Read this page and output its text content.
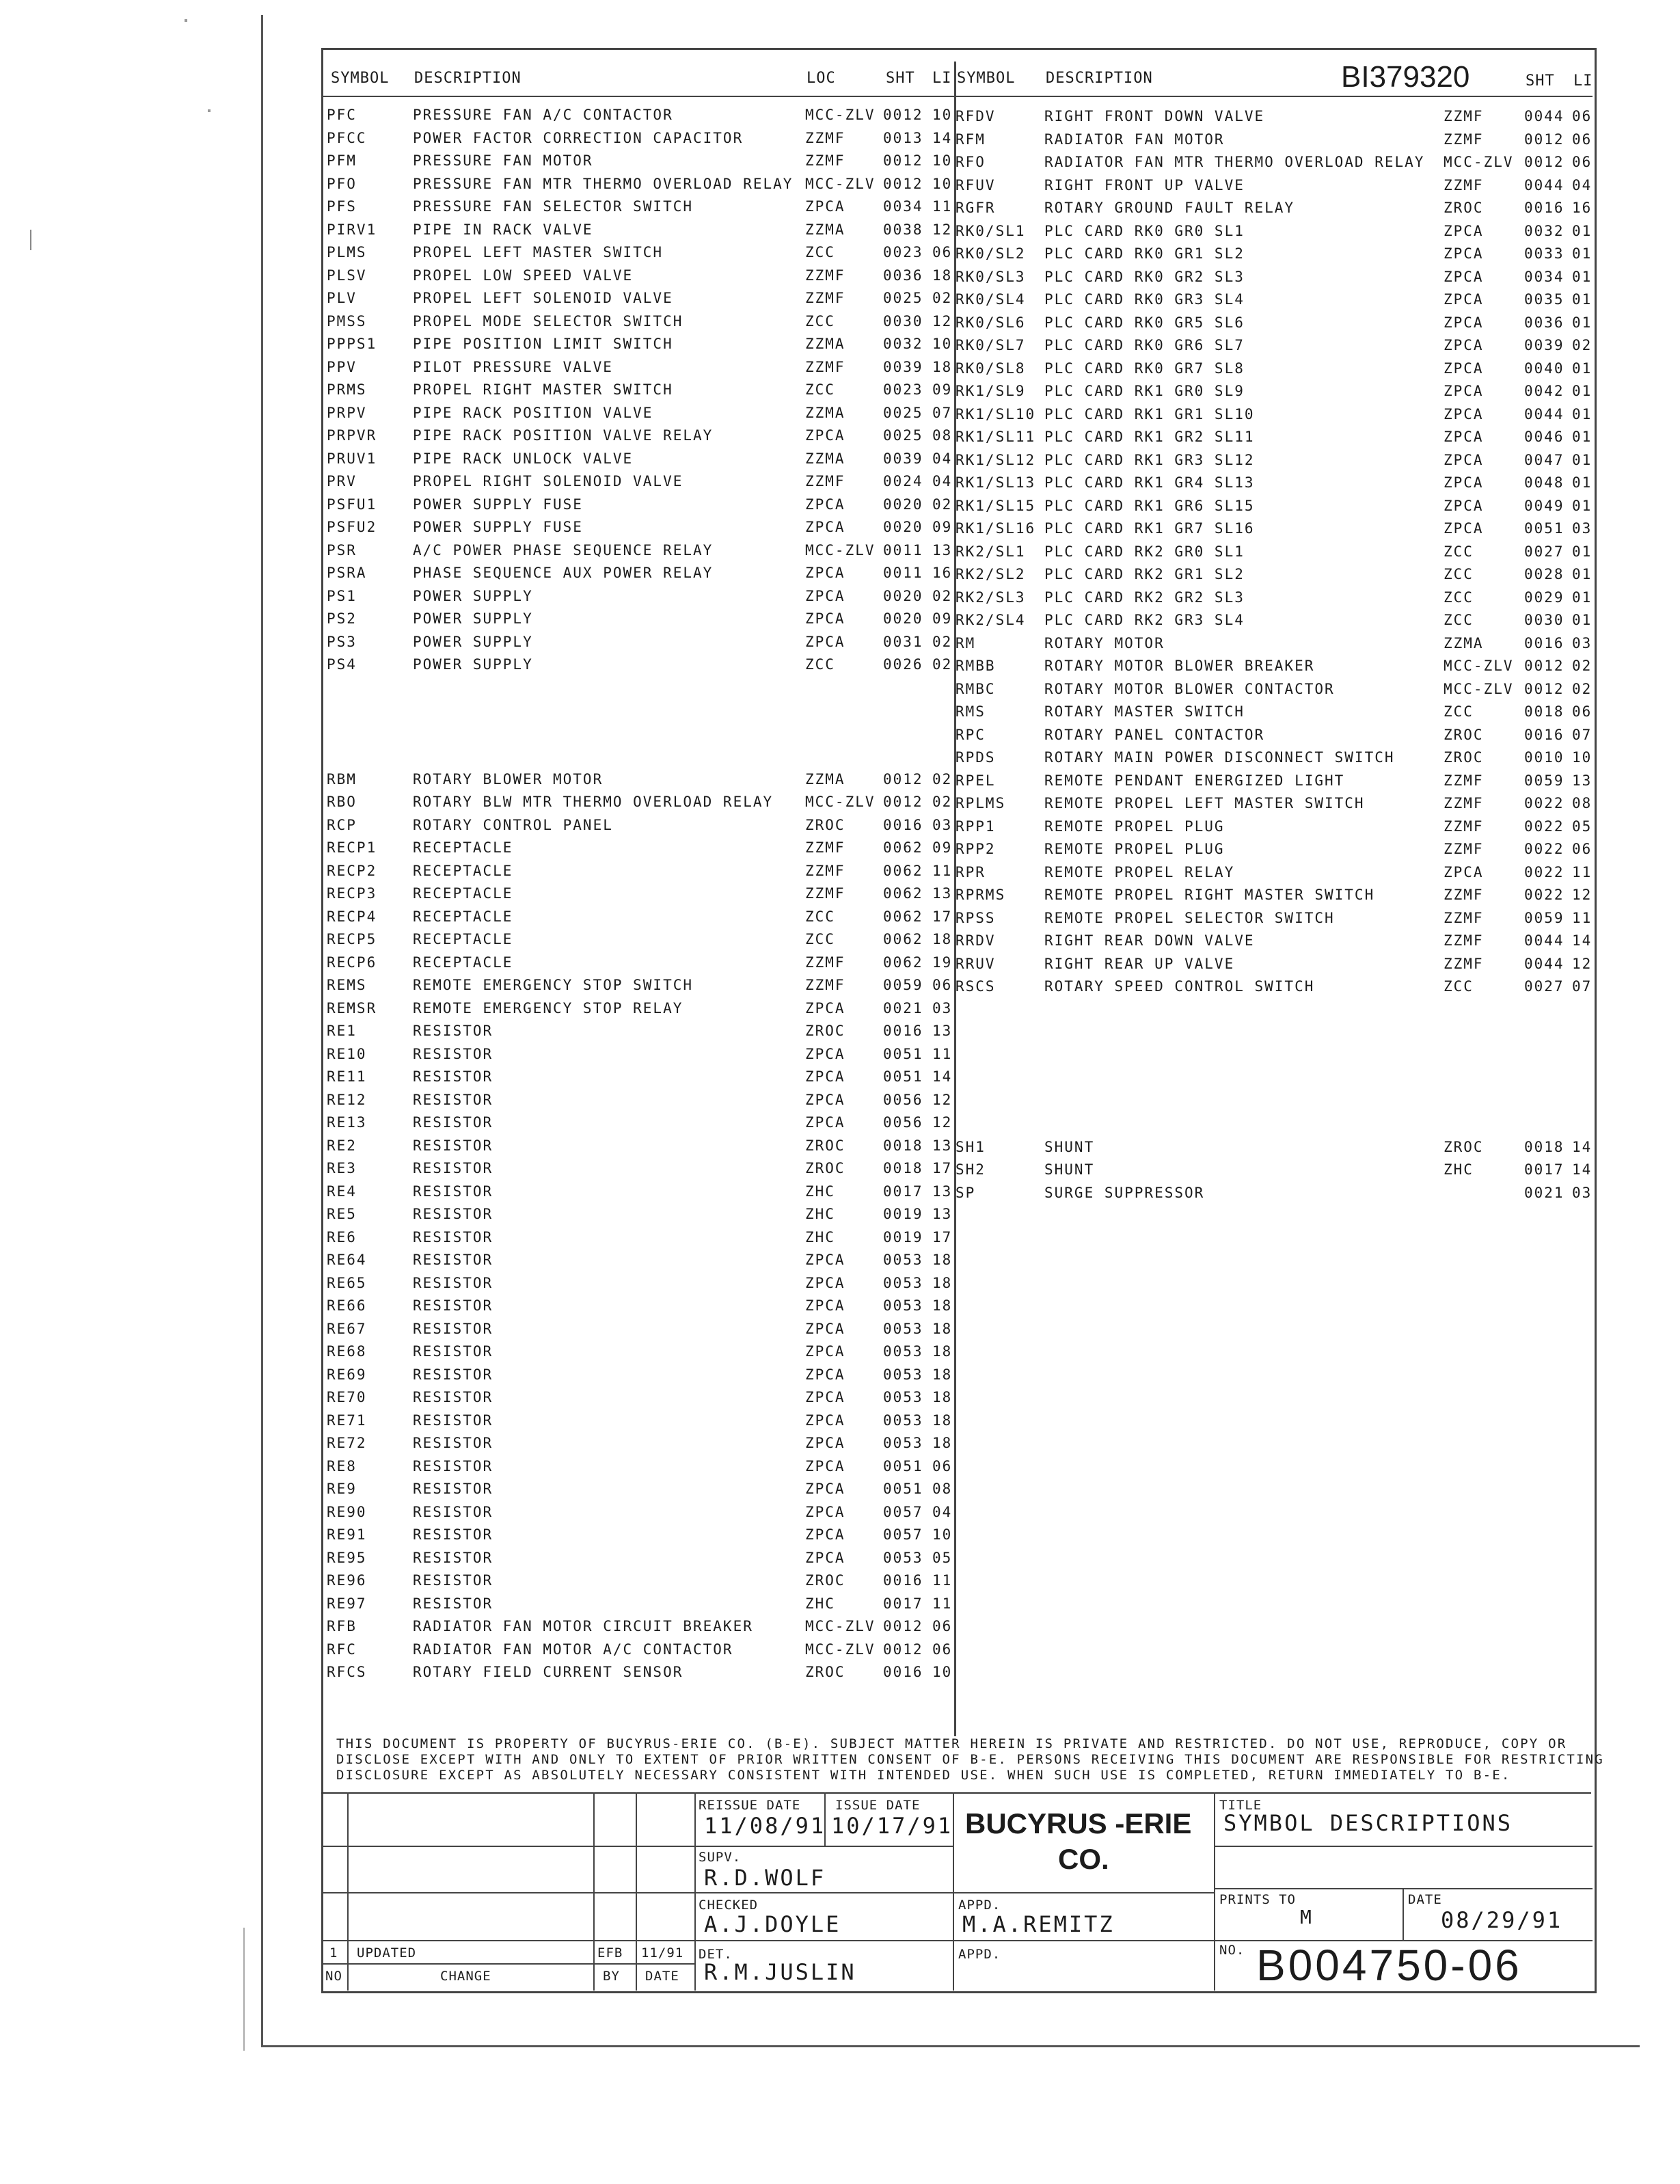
SYMBOL DESCRIPTION	LOC	SHT LI SYMBOL DESCRIPTION	SHT LI
BI379320
PFC	PRESSURE FAN A/C CONTACTOR	MCC-ZLV 0012 10
PFCC	POWER FACTOR CORRECTION CAPACITOR	ZZMF	0013 14
PFM	PRESSURE FAN MOTOR	ZZMF	0012 10
PFO	PRESSURE FAN MTR THERMO OVERLOAD RELAY MCC-ZLV 0012 10
PFS	PRESSURE FAN SELECTOR SWITCH	ZPCA	0034 11
PIRV1	PIPE IN RACK VALVE	ZZMA	0038 12
PLMS	PROPEL LEFT MASTER SWITCH	ZCC	0023 06
PLSV	PROPEL LOW SPEED VALVE	ZZMF	0036 18
PLV	PROPEL LEFT SOLENOID VALVE	ZZMF	0025 02
PMSS	PROPEL MODE SELECTOR SWITCH	ZCC	0030 12
PPPS1	PIPE POSITION LIMIT SWITCH	ZZMA	0032 10
PPV	PILOT PRESSURE VALVE	ZZMF	0039 18
PRMS	PROPEL RIGHT MASTER SWITCH	ZCC	0023 09
PRPV	PIPE RACK POSITION VALVE	ZZMA	0025 07
PRPVR	PIPE RACK POSITION VALVE RELAY	ZPCA	0025 08
PRUV1	PIPE RACK UNLOCK VALVE	ZZMA	0039 04
PRV	PROPEL RIGHT SOLENOID VALVE	ZZMF	0024 04
PSFU1	POWER SUPPLY FUSE	ZPCA	0020 02
PSFU2	POWER SUPPLY FUSE	ZPCA	0020 09
PSR	A/C POWER PHASE SEQUENCE RELAY	MCC-ZLV 0011 13
PSRA	PHASE SEQUENCE AUX POWER RELAY	ZPCA	0011 16
PS1	POWER SUPPLY	ZPCA	0020 02
PS2	POWER SUPPLY	ZPCA	0020 09
PS3	POWER SUPPLY	ZPCA	0031 02
PS4	POWER SUPPLY	ZCC	0026 02
RBM	ROTARY BLOWER MOTOR	ZZMA	0012 02
RBO	ROTARY BLW MTR THERMO OVERLOAD RELAY MCC-ZLV 0012 02
RCP	ROTARY CONTROL PANEL	ZROC	0016 03
RECP1	RECEPTACLE	ZZMF	0062 09
RECP2	RECEPTACLE	ZZMF	0062 11
RECP3	RECEPTACLE	ZZMF	0062 13
RECP4	RECEPTACLE	ZCC	0062 17
RECP5	RECEPTACLE	ZCC	0062 18
RECP6	RECEPTACLE	ZZMF	0062 19
REMS	REMOTE EMERGENCY STOP SWITCH	ZZMF	0059 06
REMSR	REMOTE EMERGENCY STOP RELAY	ZPCA	0021 03
RE1	RESISTOR	ZROC	0016 13
RE10	RESISTOR	ZPCA	0051 11
RE11	RESISTOR	ZPCA	0051 14
RE12	RESISTOR	ZPCA	0056 12
RE13	RESISTOR	ZPCA	0056 12
RE2	RESISTOR	ZROC	0018 13
RE3	RESISTOR	ZROC	0018 17
RE4	RESISTOR	ZHC	0017 13
RE5	RESISTOR	ZHC	0019 13
RE6	RESISTOR	ZHC	0019 17
RE64	RESISTOR	ZPCA	0053 18
RE65	RESISTOR	ZPCA	0053 18
RE66	RESISTOR	ZPCA	0053 18
RE67	RESISTOR	ZPCA	0053 18
RE68	RESISTOR	ZPCA	0053 18
RE69	RESISTOR	ZPCA	0053 18
RE70	RESISTOR	ZPCA	0053 18
RE71	RESISTOR	ZPCA	0053 18
RE72	RESISTOR	ZPCA	0053 18
RE8	RESISTOR	ZPCA	0051 06
RE9	RESISTOR	ZPCA	0051 08
RE90	RESISTOR	ZPCA	0057 04
RE91	RESISTOR	ZPCA	0057 10
RE95	RESISTOR	ZPCA	0053 05
RE96	RESISTOR	ZROC	0016 11
RE97	RESISTOR	ZHC	0017 11
RFB	RADIATOR FAN MOTOR CIRCUIT BREAKER	MCC-ZLV 0012 06
RFC	RADIATOR FAN MOTOR A/C CONTACTOR	MCC-ZLV 0012 06
RFCS	ROTARY FIELD CURRENT SENSOR	ZROC	0016 10
RFDV	RIGHT FRONT DOWN VALVE	ZZMF	0044 06
RFM	RADIATOR FAN MOTOR	ZZMF	0012 06
RFO	RADIATOR FAN MTR THERMO OVERLOAD RELAY MCC-ZLV 0012 06
RFUV	RIGHT FRONT UP VALVE	ZZMF	0044 04
RGFR	ROTARY GROUND FAULT RELAY	ZROC	0016 16
RK0/SL1 PLC CARD RK0 GR0 SL1	ZPCA	0032 01
RK0/SL2 PLC CARD RK0 GR1 SL2	ZPCA	0033 01
RK0/SL3 PLC CARD RK0 GR2 SL3	ZPCA	0034 01
RK0/SL4 PLC CARD RK0 GR3 SL4	ZPCA	0035 01
RK0/SL6 PLC CARD RK0 GR5 SL6	ZPCA	0036 01
RK0/SL7 PLC CARD RK0 GR6 SL7	ZPCA	0039 02
RK0/SL8 PLC CARD RK0 GR7 SL8	ZPCA	0040 01
RK1/SL9 PLC CARD RK1 GR0 SL9	ZPCA	0042 01
RK1/SL10 PLC CARD RK1 GR1 SL10	ZPCA	0044 01
RK1/SL11 PLC CARD RK1 GR2 SL11	ZPCA	0046 01
RK1/SL12 PLC CARD RK1 GR3 SL12	ZPCA	0047 01
RK1/SL13 PLC CARD RK1 GR4 SL13	ZPCA	0048 01
RK1/SL15 PLC CARD RK1 GR6 SL15	ZPCA	0049 01
RK1/SL16 PLC CARD RK1 GR7 SL16	ZPCA	0051 03
RK2/SL1 PLC CARD RK2 GR0 SL1	ZCC	0027 01
RK2/SL2 PLC CARD RK2 GR1 SL2	ZCC	0028 01
RK2/SL3 PLC CARD RK2 GR2 SL3	ZCC	0029 01
RK2/SL4 PLC CARD RK2 GR3 SL4	ZCC	0030 01
RM	ROTARY MOTOR	ZZMA	0016 03
RMBB	ROTARY MOTOR BLOWER BREAKER	MCC-ZLV 0012 02
RMBC	ROTARY MOTOR BLOWER CONTACTOR	MCC-ZLV 0012 02
RMS	ROTARY MASTER SWITCH	ZCC	0018 06
RPC	ROTARY PANEL CONTACTOR	ZROC	0016 07
RPDS	ROTARY MAIN POWER DISCONNECT SWITCH	ZROC	0010 10
RPEL	REMOTE PENDANT ENERGIZED LIGHT	ZZMF	0059 13
RPLMS	REMOTE PROPEL LEFT MASTER SWITCH	ZZMF	0022 08
RPP1	REMOTE PROPEL PLUG	ZZMF	0022 05
RPP2	REMOTE PROPEL PLUG	ZZMF	0022 06
RPR	REMOTE PROPEL RELAY	ZPCA	0022 11
RPRMS	REMOTE PROPEL RIGHT MASTER SWITCH	ZZMF	0022 12
RPSS	REMOTE PROPEL SELECTOR SWITCH	ZZMF	0059 11
RRDV	RIGHT REAR DOWN VALVE	ZZMF	0044 14
RRUV	RIGHT REAR UP VALVE	ZZMF	0044 12
RSCS	ROTARY SPEED CONTROL SWITCH	ZCC	0027 07
SH1	SHUNT	ZROC	0018 14
SH2	SHUNT	ZHC	0017 14
SP	SURGE SUPPRESSOR	0021 03
THIS DOCUMENT IS PROPERTY OF BUCYRUS-ERIE CO. (B-E). SUBJECT MATTER HEREIN IS PRIVATE AND RESTRICTED. DO NOT USE, REPRODUCE, COPY OR
DISCLOSE EXCEPT WITH AND ONLY TO EXTENT OF PRIOR WRITTEN CONSENT OF B-E. PERSONS RECEIVING THIS DOCUMENT ARE RESPONSIBLE FOR RESTRICTING
DISCLOSURE EXCEPT AS ABSOLUTELY NECESSARY CONSISTENT WITH INTENDED USE. WHEN SUCH USE IS COMPLETED, RETURN IMMEDIATELY TO B-E.
REISSUE DATE
11/08/91
ISSUE DATE
10/17/91 BUCYRUS -ERIE
CO.
TITLE
SYMBOL DESCRIPTIONS
SUPV.
R.D.WOLF
CHECKED
A.J.DOYLE
APPD.
M.A.REMITZ
PRINTS TO
M
DATE
08/29/91
DET.
R.M.JUSLIN
APPD.	NO. B004750-06
1 UPDATED	EFB 11/91
NO	CHANGE	BY DATE
